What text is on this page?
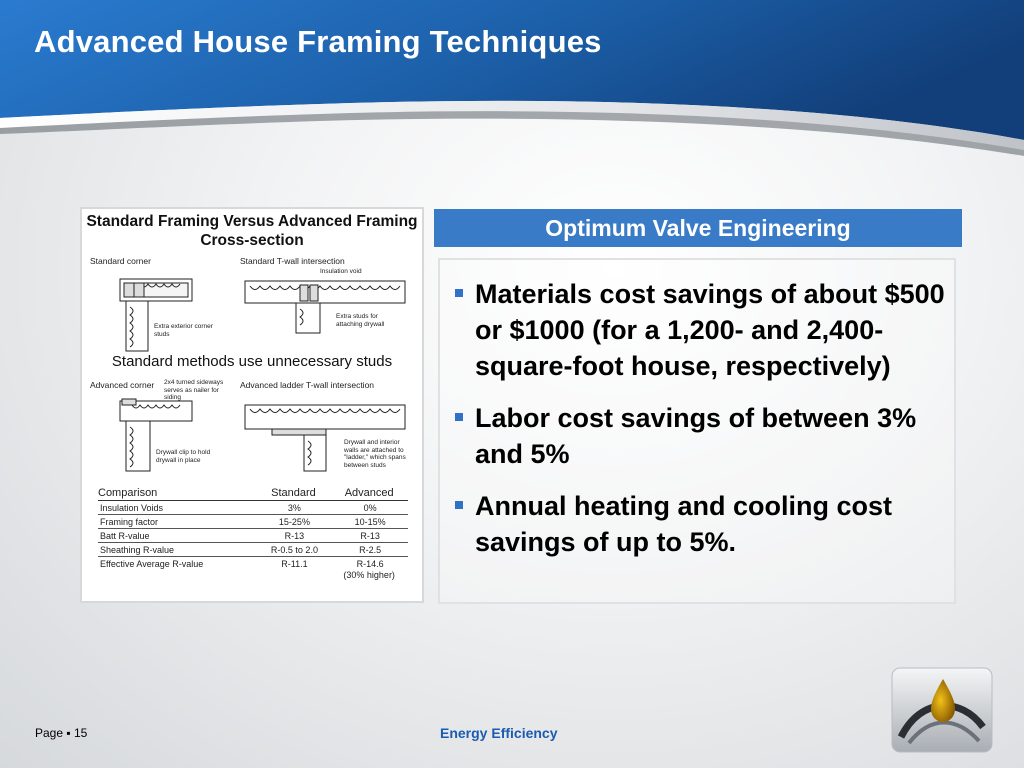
Advanced House Framing Techniques
Standard Framing Versus Advanced Framing
Cross-section
Standard corner	Standard T-wall intersection
Insulation void
Extra exterior corner studs
Extra studs for attaching drywall
Standard methods use unnecessary studs
Advanced corner 2x4 turned sideways serves as nailer for siding
Advanced ladder T-wall intersection
Drywall clip to hold drywall in place
Drywall and interior walls are attached to "ladder," which spans between studs
Comparison	Standard	Advanced
Insulation Voids	3%	0%
Framing factor	15-25%	10-15%
Batt R-value	R-13	R-13
Sheathing R-value	R-0.5 to 2.0	R-2.5
Effective Average R-value	R-11.1	R-14.6
		(30% higher)
Optimum Valve Engineering
Materials cost savings of about $500 or $1000 (for a 1,200- and 2,400-square-foot house, respectively)
Labor cost savings of between 3% and 5%
Annual heating and cooling cost savings of up to 5%.
Page ▪ 15	Energy Efficiency
